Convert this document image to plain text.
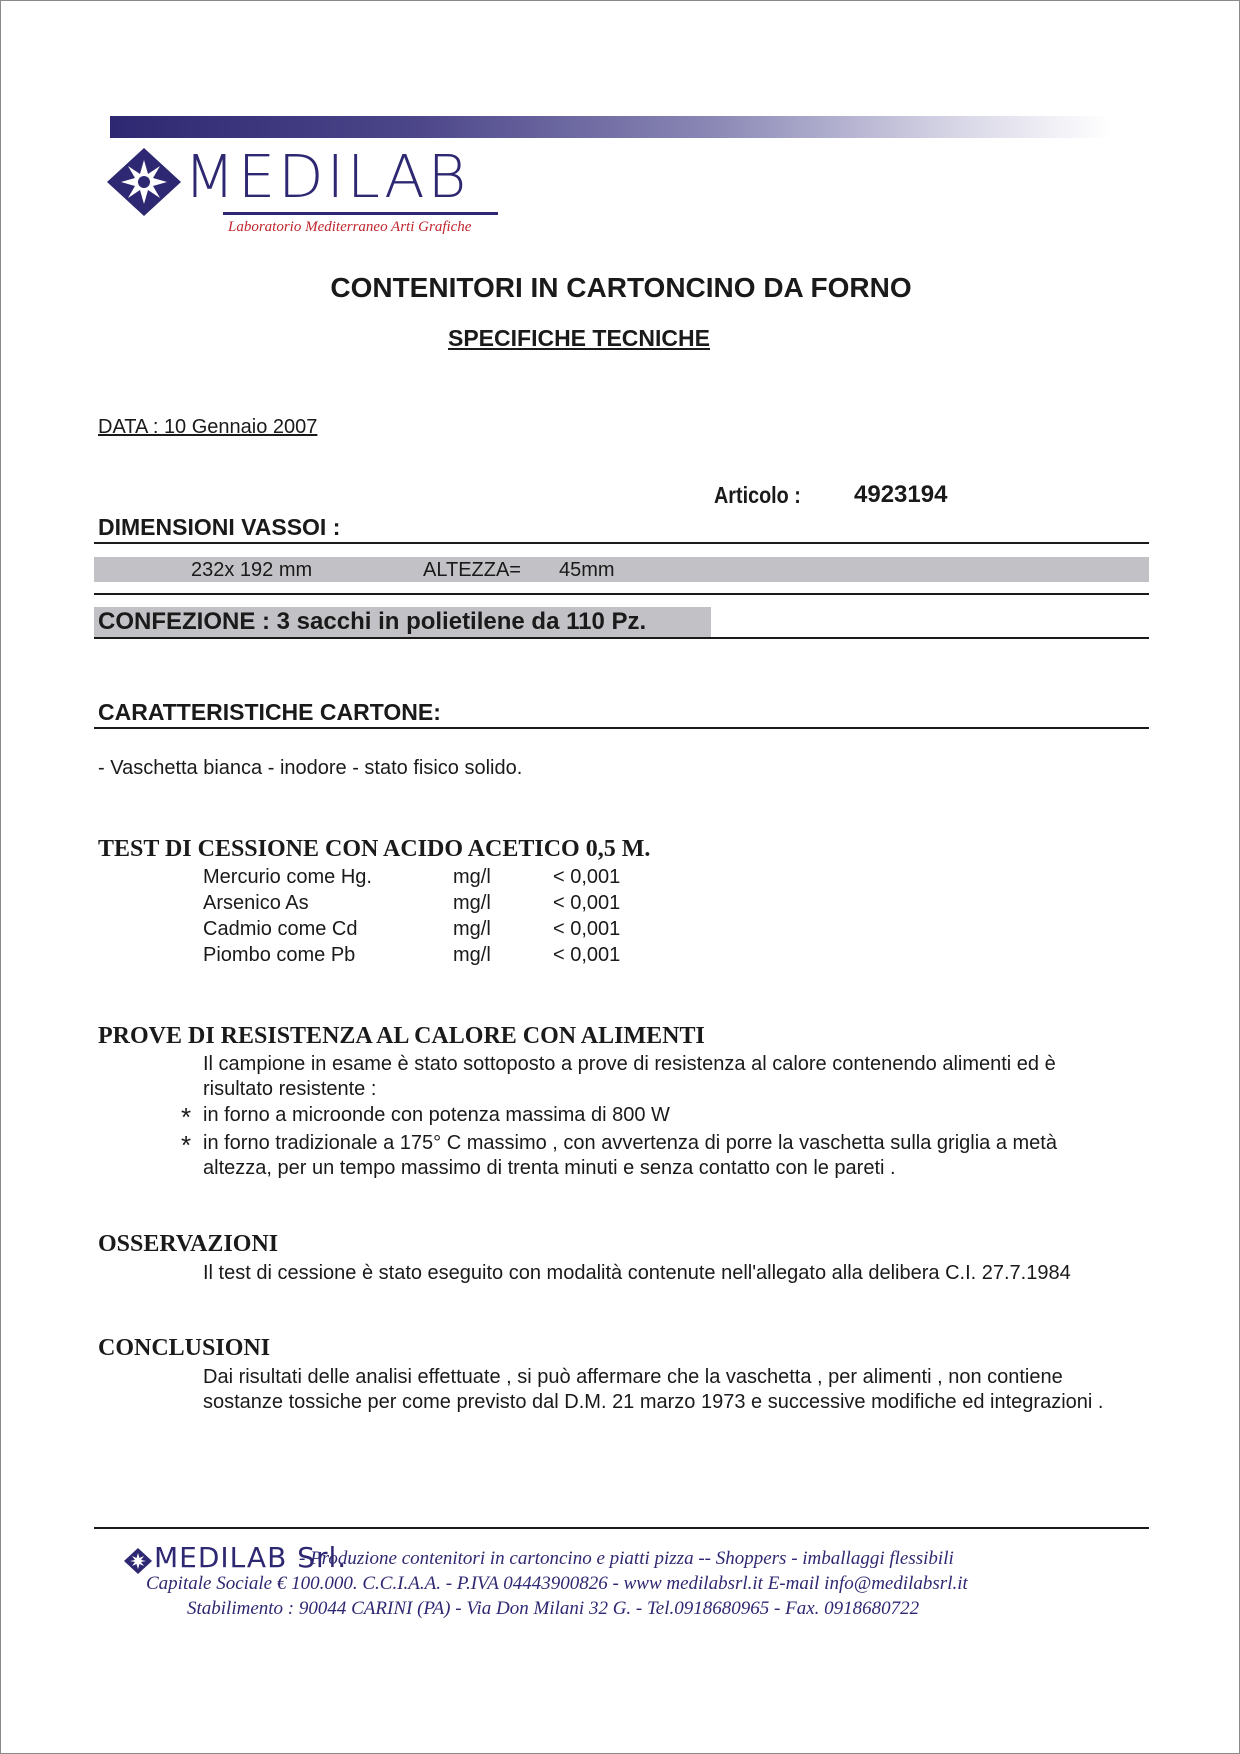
MEDILAB
Laboratorio Mediterraneo Arti Grafiche
CONTENITORI IN CARTONCINO DA FORNO
SPECIFICHE TECNICHE
DATA : 10 Gennaio 2007
Articolo : 4923194
DIMENSIONI VASSOI :
232x 192 mm	ALTEZZA= 45mm
CONFEZIONE : 3 sacchi in polietilene da 110 Pz.
CARATTERISTICHE CARTONE:
- Vaschetta bianca - inodore - stato fisico solido.
TEST DI CESSIONE CON ACIDO ACETICO 0,5 M.
Mercurio come Hg.	mg/l	< 0,001
Arsenico As	mg/l	< 0,001
Cadmio come Cd	mg/l	< 0,001
Piombo come Pb	mg/l	< 0,001
PROVE DI RESISTENZA AL CALORE CON ALIMENTI
Il campione in esame è stato sottoposto a prove di resistenza al calore contenendo alimenti ed è risultato resistente :
* in forno a microonde con potenza massima di 800 W
* in forno tradizionale a 175° C massimo , con avvertenza di porre la vaschetta sulla griglia a metà altezza, per un tempo massimo di trenta minuti e senza contatto con le pareti .
OSSERVAZIONI
Il test di cessione è stato eseguito con modalità contenute nell'allegato alla delibera C.I. 27.7.1984
CONCLUSIONI
Dai risultati delle analisi effettuate , si può affermare che la vaschetta , per alimenti , non contiene sostanze tossiche per come previsto dal D.M. 21 marzo 1973 e successive modifiche ed integrazioni .
MEDILAB Srl.
- Produzione contenitori in cartoncino e piatti pizza -- Shoppers - imballaggi flessibili
Capitale Sociale € 100.000. C.C.I.A.A. - P.IVA 04443900826 - www medilabsrl.it E-mail info@medilabsrl.it
Stabilimento : 90044 CARINI (PA) - Via Don Milani 32 G. - Tel.0918680965 - Fax. 0918680722
